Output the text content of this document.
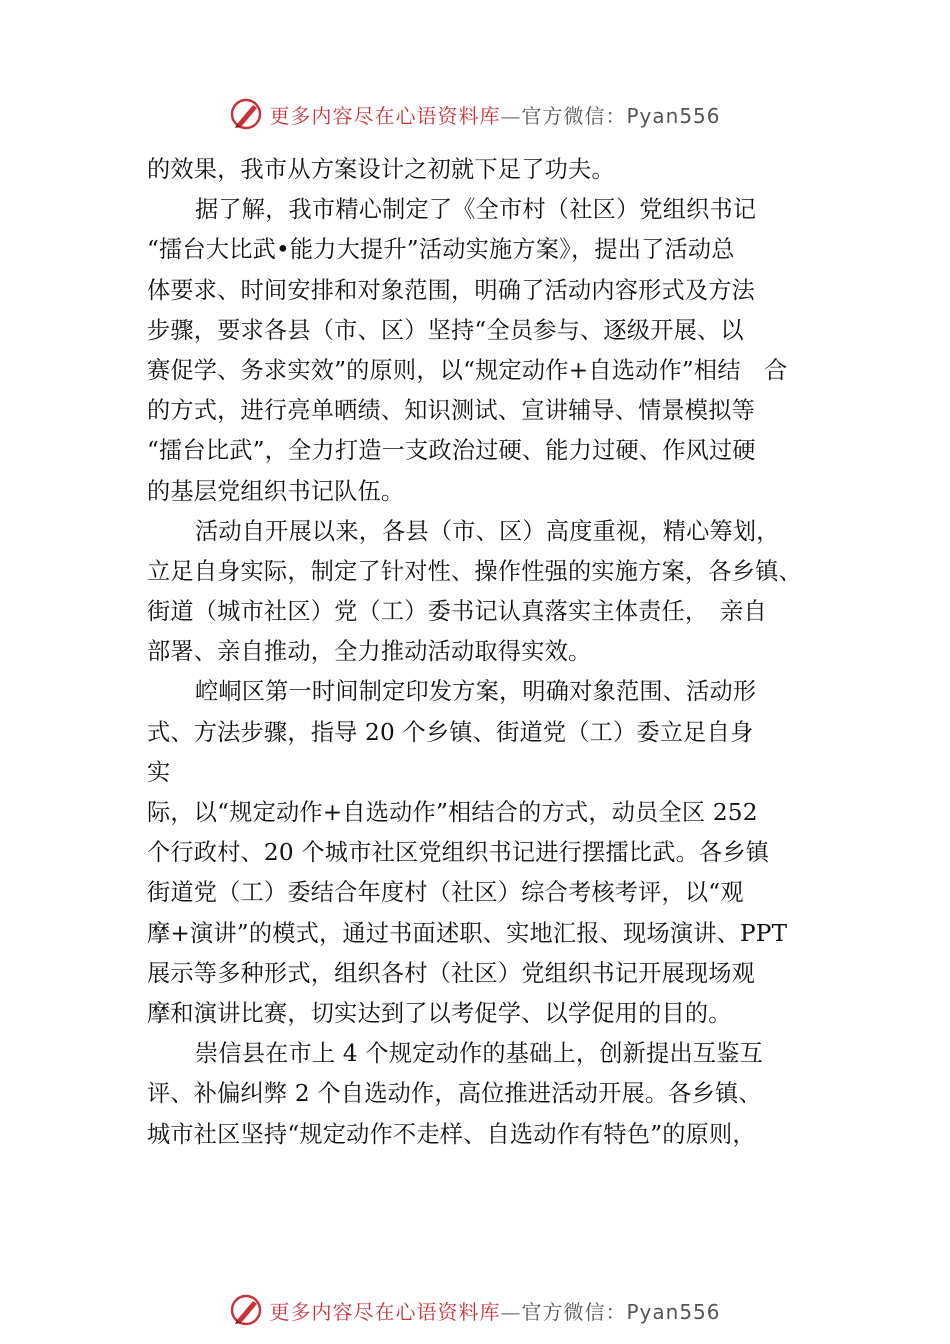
更多内容尽在心语资料库—官方微信：Pyan556
的效果，我市从方案设计之初就下足了功夫。
据了解，我市精心制定了《全市村（社区）党组织书记
“擂台大比武•能力大提升”活动实施方案》，提出了活动总
体要求、时间安排和对象范围，明确了活动内容形式及方法
步骤，要求各县（市、区）坚持“全员参与、逐级开展、以
赛促学、务求实效”的原则，以“规定动作+自选动作”相结　合
的方式，进行亮单晒绩、知识测试、宣讲辅导、情景模拟等
“擂台比武”，全力打造一支政治过硬、能力过硬、作风过硬
的基层党组织书记队伍。
活动自开展以来，各县（市、区）高度重视，精心筹划，
立足自身实际，制定了针对性、操作性强的实施方案，各乡镇、
街道（城市社区）党（工）委书记认真落实主体责任，　亲自
部署、亲自推动，全力推动活动取得实效。
崆峒区第一时间制定印发方案，明确对象范围、活动形
式、方法步骤，指导 20 个乡镇、街道党（工）委立足自身
实
际，以“规定动作+自选动作”相结合的方式，动员全区 252
个行政村、20 个城市社区党组织书记进行摆擂比武。各乡镇
街道党（工）委结合年度村（社区）综合考核考评，以“观
摩+演讲”的模式，通过书面述职、实地汇报、现场演讲、PPT
展示等多种形式，组织各村（社区）党组织书记开展现场观
摩和演讲比赛，切实达到了以考促学、以学促用的目的。
崇信县在市上 4 个规定动作的基础上，创新提出互鉴互
评、补偏纠弊 2 个自选动作，高位推进活动开展。各乡镇、
城市社区坚持“规定动作不走样、自选动作有特色”的原则，
更多内容尽在心语资料库—官方微信：Pyan556
